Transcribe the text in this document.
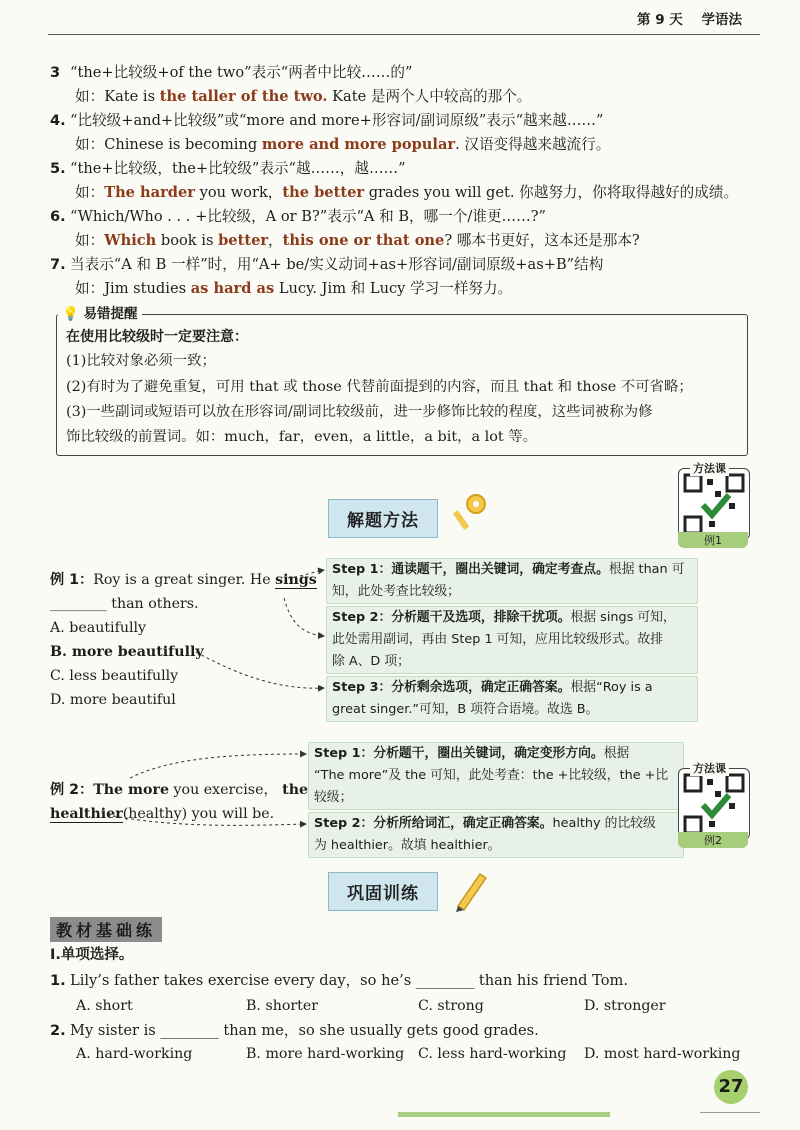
第 9 天 学语法
3 “the+比较级+of the two”表示“两者中比较……的”
如：Kate is the taller of the two. Kate 是两个人中较高的那个。
4. “比较级+and+比较级”或“more and more+形容词/副词原级”表示“越来越……”
如：Chinese is becoming more and more popular. 汉语变得越来越流行。
5. “the+比较级，the+比较级”表示“越……，越……”
如：The harder you work，the better grades you will get. 你越努力，你将取得越好的成绩。
6. “Which/Who . . . +比较级，A or B?”表示“A 和 B，哪一个/谁更……?”
如：Which book is better，this one or that one? 哪本书更好，这本还是那本?
7. 当表示“A 和 B 一样”时，用“A+ be/实义动词+as+形容词/副词原级+as+B”结构
如：Jim studies as hard as Lucy. Jim 和 Lucy 学习一样努力。
💡 易错提醒
在使用比较级时一定要注意：
(1)比较对象必须一致；
(2)有时为了避免重复，可用 that 或 those 代替前面提到的内容，而且 that 和 those 不可省略；
(3)一些副词或短语可以放在形容词/副词比较级前，进一步修饰比较的程度，这些词被称为修
饰比较级的前置词。如：much，far，even，a little，a bit，a lot 等。
解题方法
方法课
例1
例 1：Roy is a great singer. He sings
________ than others.
A. beautifully
B. more beautifully
C. less beautifully
D. more beautiful
Step 1：通读题干，圈出关键词，确定考查点。根据 than 可
知，此处考查比较级；
Step 2：分析题干及选项，排除干扰项。根据 sings 可知，
此处需用副词，再由 Step 1 可知，应用比较级形式。故排
除 A、D 项；
Step 3：分析剩余选项，确定正确答案。根据“Roy is a
great singer.”可知，B 项符合语境。故选 B。
Step 1：分析题干，圈出关键词，确定变形方向。根据
“The more”及 the 可知，此处考查：the +比较级，the +比
较级；
Step 2：分析所给词汇，确定正确答案。healthy 的比较级
为 healthier。故填 healthier。
例 2：The more you exercise， the
healthier(healthy) you will be.
方法课
例2
巩固训练
教材基础练
Ⅰ.单项选择。
1. Lily’s father takes exercise every day，so he’s ________ than his friend Tom.
A. short	B. shorter	C. strong	D. stronger
2. My sister is ________ than me，so she usually gets good grades.
A. hard-working	B. more hard-working C. less hard-working D. most hard-working
27
